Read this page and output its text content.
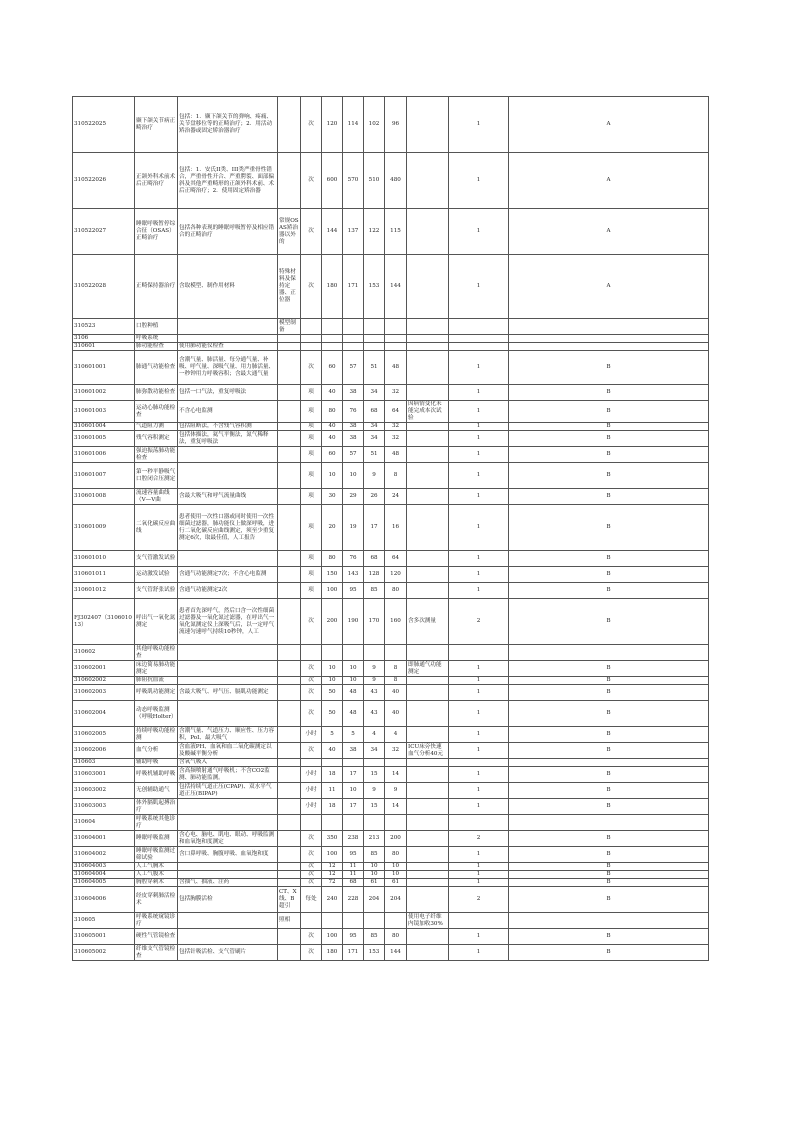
310522025	颞下颌关节病正畸治疗	包括：1．颞下颌关节的弹响、疼痛、关节盘移位等的正畸治疗；2．用活动矫治器或固定矫治器治疗		次	120	114	102	96		1	A
310522026	正颌外科术前术后正畸治疗	包括：1．安氏II类、III类严重骨性错合，严重骨性开合、严重腭裂、面部偏斜及其他严重畸形的正颌外科术前、术后正畸治疗；2．使用固定矫治器		次	600	570	510	480		1	A
310522027	睡眠呼吸暂停综合征（OSAS）正畸治疗	包括各种表现的睡眠呼吸暂停及相应错合的正畸治疗	常规OSAS矫治器以外的	次	144	137	122	115		1	A
310522028	正畸保持器治疗	含取模型、制作用材料	特殊材料及保持定器、正位器	次	180	171	153	144		1	A
310523	口腔种植		模型制备								
3106	呼吸系统										
310601	肺功能检查	使用肺功能仪检查									
310601001	肺通气功能检查	含潮气量、肺活量、每分通气量、补吸、呼气量、深吸气量、用力肺活量、一秒钟用力呼吸容积；含最大通气量		次	60	57	51	48		1	B
310601002	肺弥散功能检查	包括一口气法，重复呼吸法		项	40	38	34	32		1	B
310601003	运动心肺功能检查	不含心电监测		项	80	76	68	64	因病情变化未能完成本次试验	1	B
310601004	气道阻力测	包括阻断法，不含残气容积测		项	40	38	34	32		1	B
310601005	残气容积测定	包括体描法，氦气平衡法，氮气稀释法，重复呼吸法		项	40	38	34	32		1	B
310601006	强迫振荡肺功能检查			项	60	57	51	48		1	B
310601007	第一秒平静吸气口腔闭合压测定			项	10	10	9	8		1	B
310601008	流速容量曲线（V—V曲	含最大吸气和呼气流量曲线		项	30	29	26	24		1	B
310601009	二氧化碳反应曲线	患者使用一次性口器或同时使用一次性细菌过滤器，肺功能仪上做深呼吸，进行二氧化碳反应曲线测定，须至少重复测定6次，取最佳值，人工报告		项	20	19	17	16		1	B
310601010	支气管激发试验			项	80	76	68	64		1	B
310601011	运动激发试验	含通气功能测定7次；不含心电监测		项	150	143	128	120		1	B
310601012	支气管舒张试验	含通气功能测定2次		项	100	95	85	80		1	B
FJ302407（310601013）	呼出气一氧化氮测定	患者首先深呼气，然后口含一次性细菌过滤器及一氧化氮过滤器，在呼出气一氧化氮测定仪上深吸气后，以一定呼气流速匀速呼气持续10秒钟，人工		次	200	190	170	160	含多次测量	2	B
310602	其他呼吸功能检查										
310602001	床边简易肺功能测定			次	10	10	9	8	即肺通气功能测定	1	B
310602002	肺阻抗血流			次	10	10	9	8		1	B
310602003	呼吸肌功能测定	含最大吸气、呼气压、膈肌功能测定		次	50	48	43	40		1	B
310602004	动态呼吸监测（呼吸Holter）			次	50	48	43	40		1	B
310602005	持续呼吸功能检测	含潮气量、气道压力、顺应性、压力容积，PoI、最大吸气		小时	5	5	4	4		1	B
310602006	血气分析	含血液PH、血氧和血二氧化碳测定以及酸碱平衡分析		次	40	38	34	32	ICU床旁快速血气分析40元	1	B
310603	辅助呼吸	含氧气吸入									
310603001	呼吸机辅助呼吸	含高频喷射通气呼吸机；不含CO2监测、肺功能监测。		小时	18	17	15	14		1	B
310603002	无创辅助通气	包括持续气道正压(CPAP)、双水平气道正压(BIPAP)		小时	11	10	9	9		1	B
310603003	体外膈肌起搏治疗			小时	18	17	15	14		1	B
310604	呼吸系统其他诊疗										
310604001	睡眠呼吸监测	含心电、脑电、肌电、眼动、呼吸监测和血氧饱和度测定		次	350	238	213	200		2	B
310604002	睡眠呼吸监测过筛试验	含口鼻呼吸、胸腹呼吸、血氧饱和度		次	100	95	85	80		1	B
310604003	人工气胸术			次	12	11	10	10		1	B
310604004	人工气腹术			次	12	11	10	10		1	B
310604005	胸腔穿刺术	含抽气、抽液、注药		次	72	68	61	61		1	B
310604006	经皮穿刺肺活检术	包括胸膜活检	CT、X线、B超引	每处	240	228	204	204		2	B
310605	呼吸系统窥镜诊疗		照相						使用电子纤维内镜加收30%		
310605001	硬性气管镜检查			次	100	95	85	80		1	B
310605002	纤维支气管镜检查	包括针吸活检、支气管刷片		次	180	171	153	144		1	B
